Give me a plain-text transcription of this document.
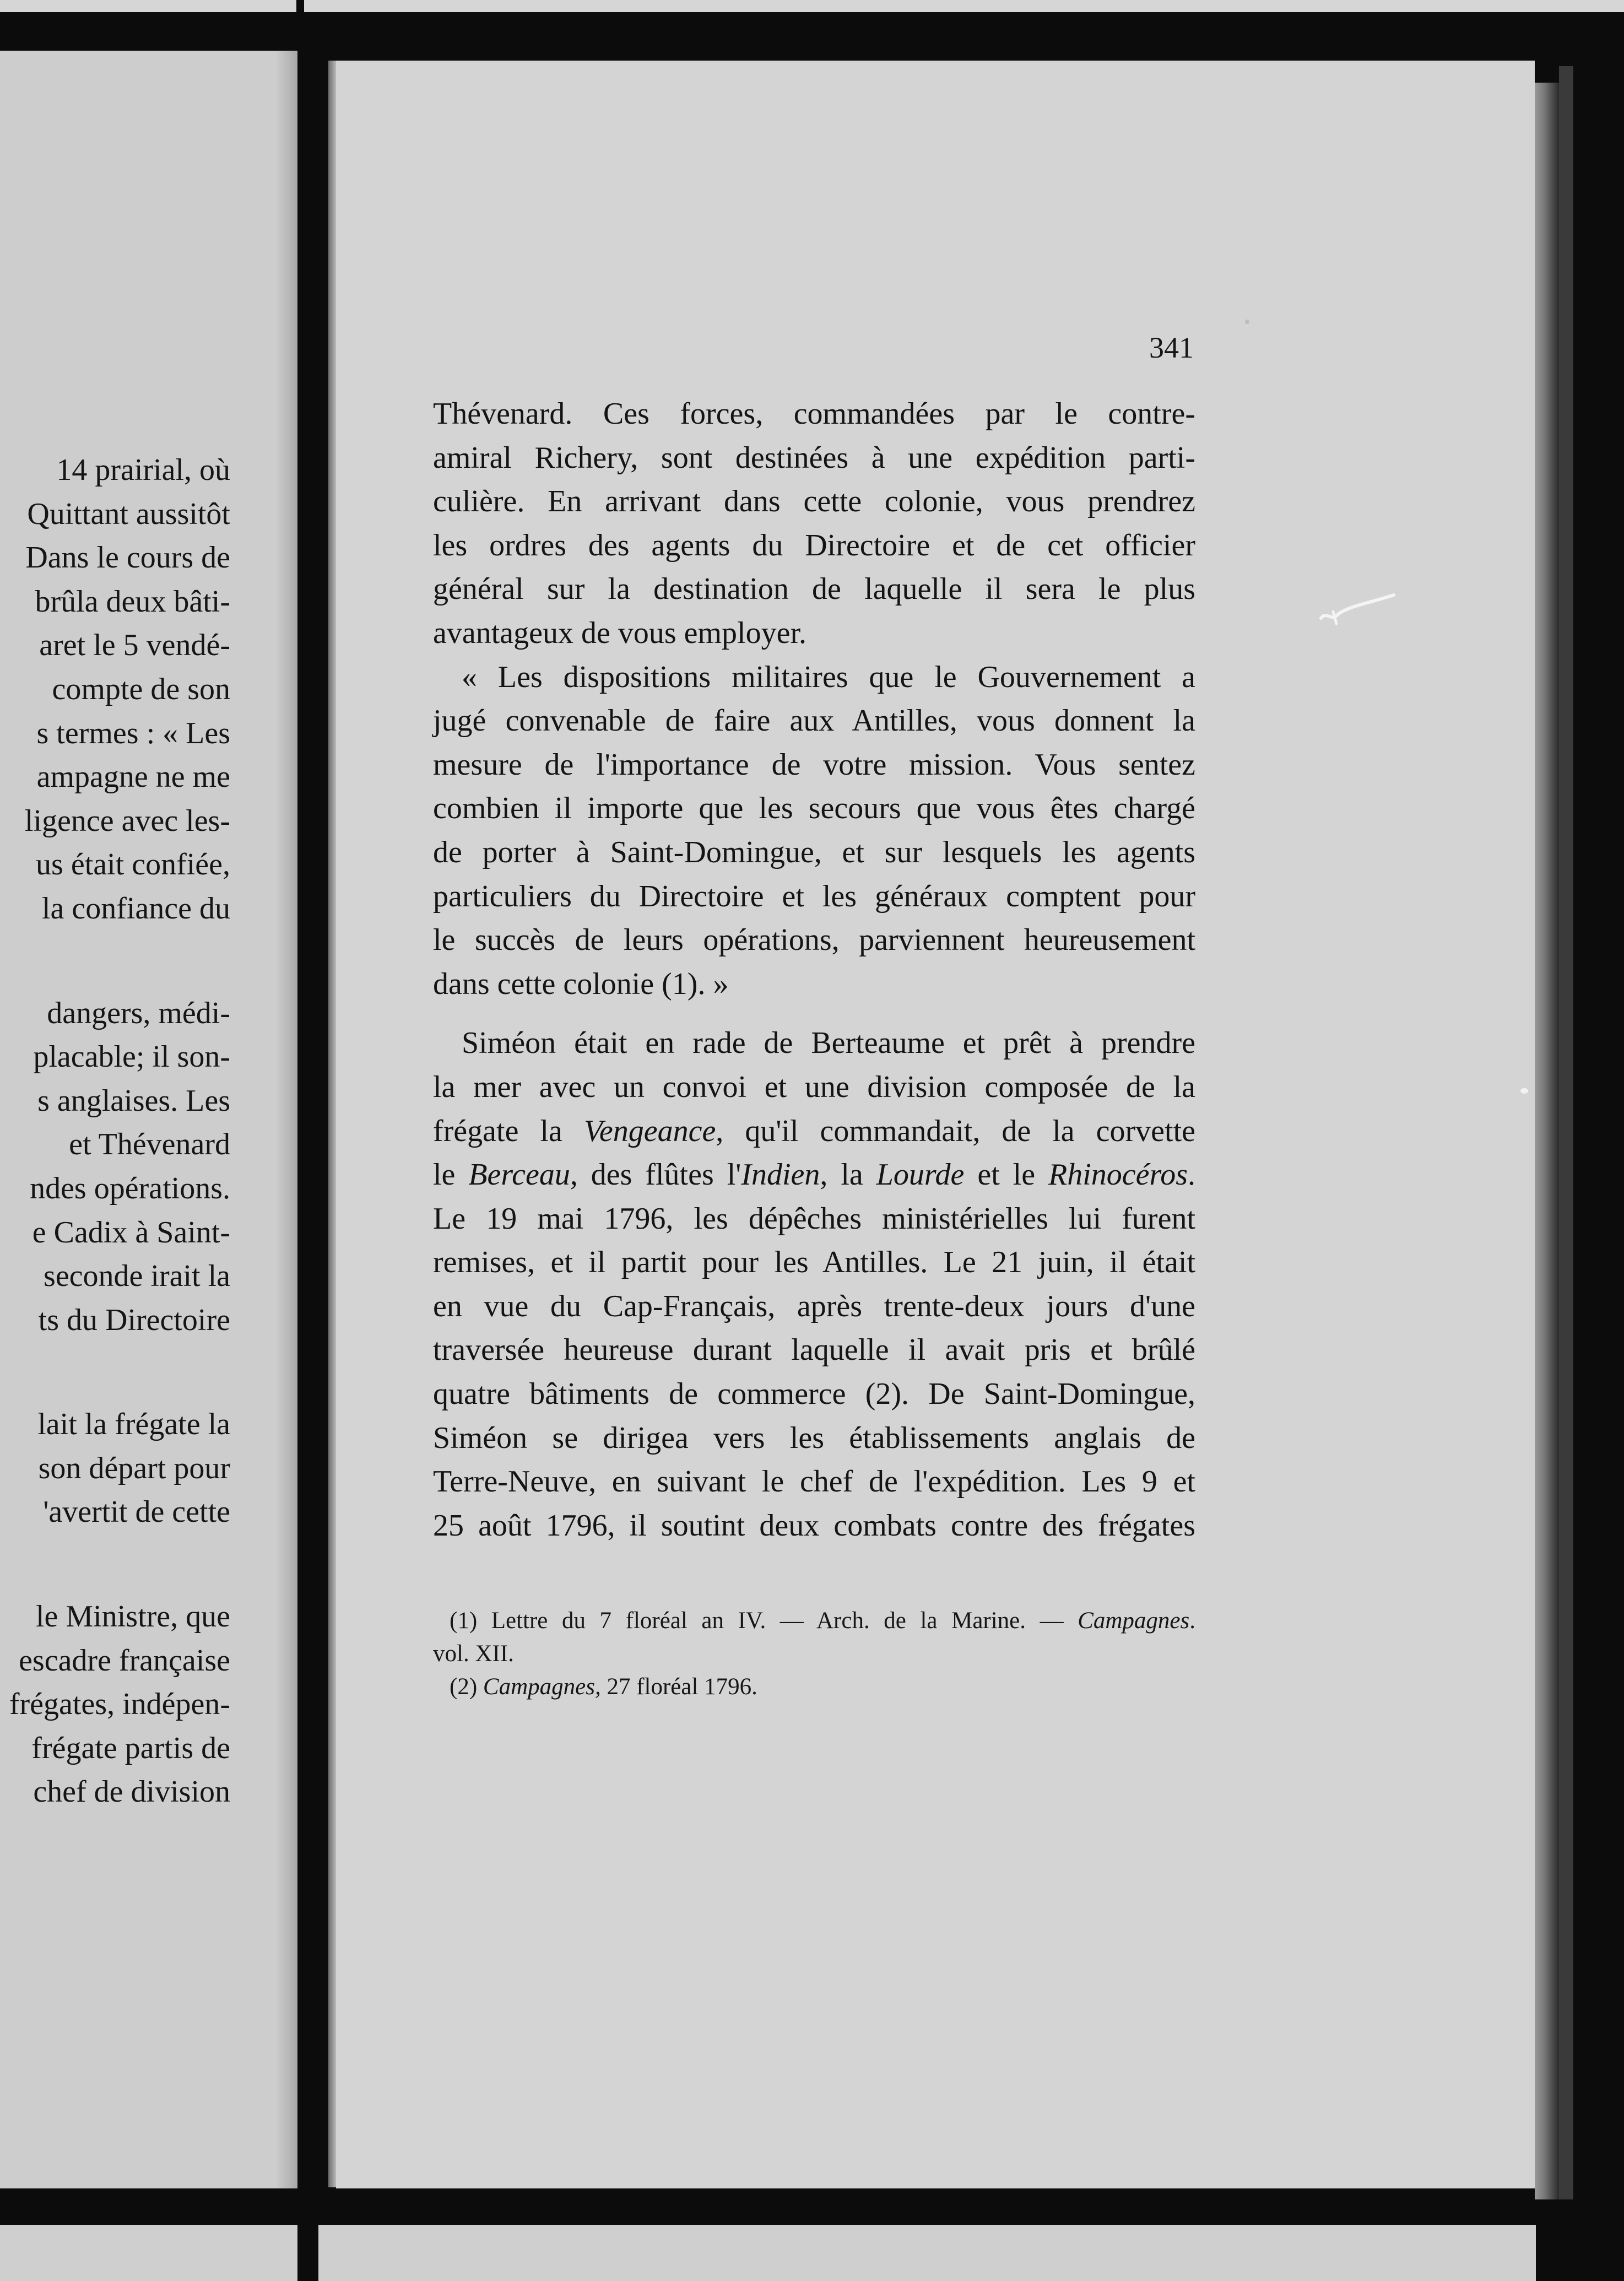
14 prairial, où
Quittant aussitôt
Dans le cours de
brûla deux bâti-
aret le 5 vendé-
compte de son
s termes : « Les
ampagne ne me
ligence avec les-
us était confiée,
la confiance du
dangers, médi-
placable; il son-
s anglaises. Les
et Thévenard
ndes opérations.
e Cadix à Saint-
seconde irait la
ts du Directoire
lait la frégate la
son départ pour
'avertit de cette
le Ministre, que
escadre française
frégates, indépen-
frégate partis de
chef de division
341
Thévenard. Ces forces, commandées par le contre-
amiral Richery, sont destinées à une expédition parti-
culière. En arrivant dans cette colonie, vous prendrez
les ordres des agents du Directoire et de cet officier
général sur la destination de laquelle il sera le plus
avantageux de vous employer.
« Les dispositions militaires que le Gouvernement a
jugé convenable de faire aux Antilles, vous donnent la
mesure de l'importance de votre mission. Vous sentez
combien il importe que les secours que vous êtes chargé
de porter à Saint-Domingue, et sur lesquels les agents
particuliers du Directoire et les généraux comptent pour
le succès de leurs opérations, parviennent heureusement
dans cette colonie (1). »
Siméon était en rade de Berteaume et prêt à prendre
la mer avec un convoi et une division composée de la
frégate la Vengeance, qu'il commandait, de la corvette
le Berceau, des flûtes l'Indien, la Lourde et le Rhinocéros.
Le 19 mai 1796, les dépêches ministérielles lui furent
remises, et il partit pour les Antilles. Le 21 juin, il était
en vue du Cap-Français, après trente-deux jours d'une
traversée heureuse durant laquelle il avait pris et brûlé
quatre bâtiments de commerce (2). De Saint-Domingue,
Siméon se dirigea vers les établissements anglais de
Terre-Neuve, en suivant le chef de l'expédition. Les 9 et
25 août 1796, il soutint deux combats contre des frégates
(1) Lettre du 7 floréal an IV. — Arch. de la Marine. — Campagnes.
vol. XII.
(2) Campagnes, 27 floréal 1796.
